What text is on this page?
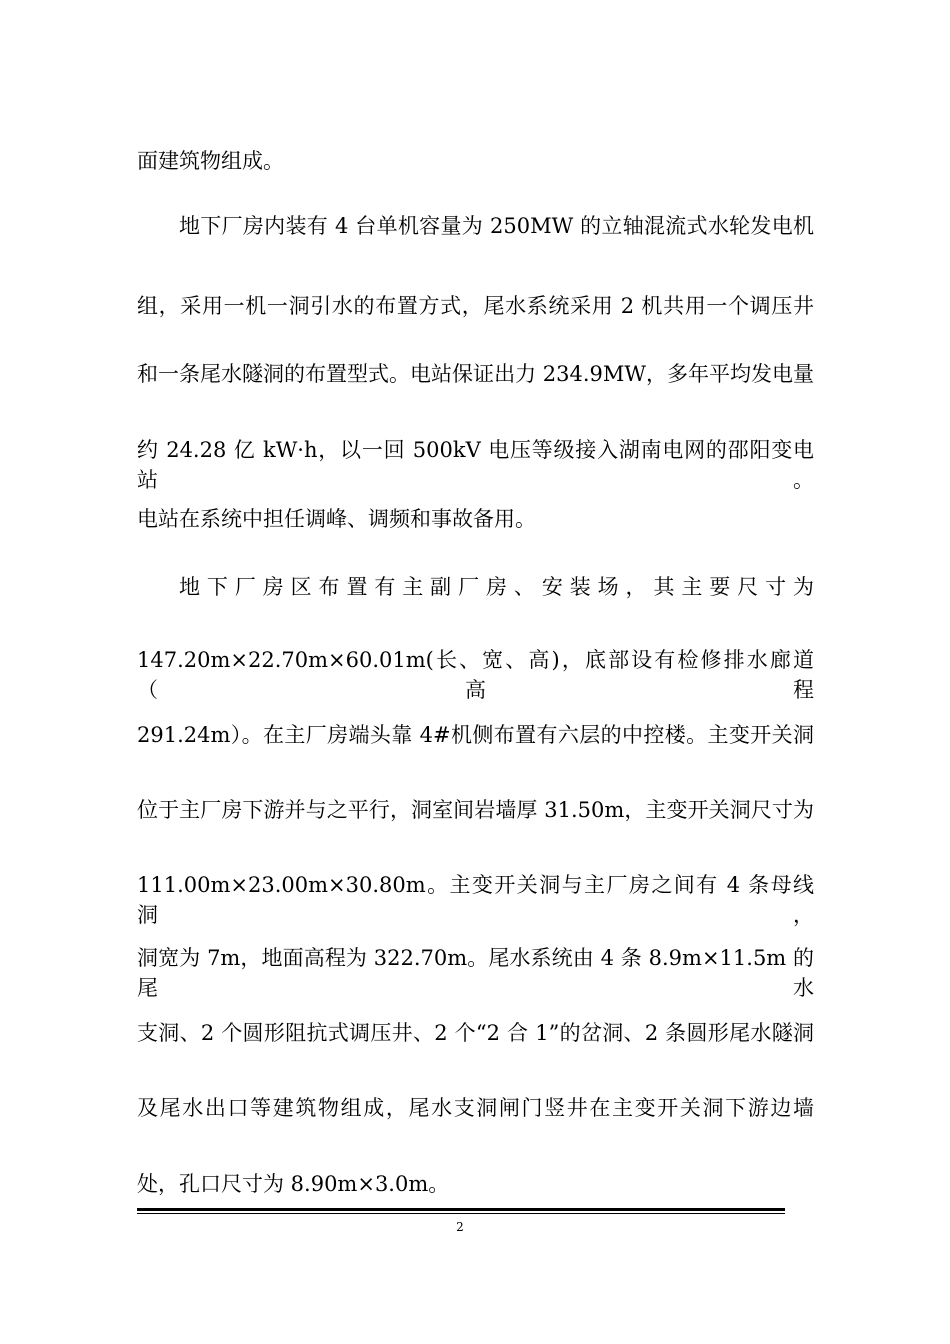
面建筑物组成。

地下厂房内装有 4 台单机容量为 250MW 的立轴混流式水轮发电机

组，采用一机一洞引水的布置方式，尾水系统采用 2 机共用一个调压井

和一条尾水隧洞的布置型式。电站保证出力 234.9MW，多年平均发电量

约 24.28 亿 kW·h，以一回 500kV 电压等级接入湖南电网的邵阳变电站。

电站在系统中担任调峰、调频和事故备用。

地下厂房区布置有主副厂房、安装场，其主要尺寸为

147.20m×22.70m×60.01m(长、宽、高)，底部设有检修排水廊道（高程

291.24m）。在主厂房端头靠 4#机侧布置有六层的中控楼。主变开关洞

位于主厂房下游并与之平行，洞室间岩墙厚 31.50m，主变开关洞尺寸为

111.00m×23.00m×30.80m。主变开关洞与主厂房之间有 4 条母线洞，

洞宽为 7m，地面高程为 322.70m。尾水系统由 4 条 8.9m×11.5m 的尾水

支洞、2 个圆形阻抗式调压井、2 个“2 合 1”的岔洞、2 条圆形尾水隧洞

及尾水出口等建筑物组成，尾水支洞闸门竖井在主变开关洞下游边墙

处，孔口尺寸为 8.90m×3.0m。

2
